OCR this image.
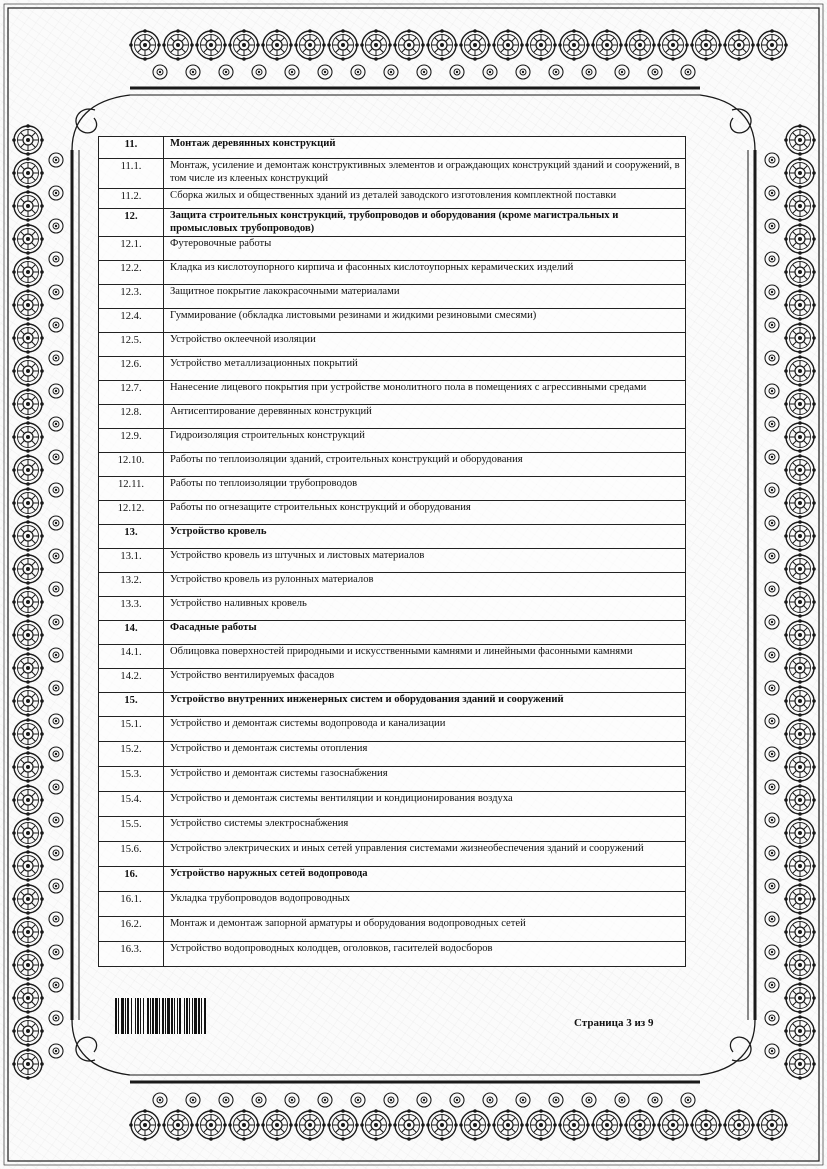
11.	Монтаж деревянных конструкций
11.1.	Монтаж, усиление и демонтаж конструктивных элементов и ограждающих конструкций зданий и сооружений, в том числе из клееных конструкций
11.2.	Сборка жилых и общественных зданий из деталей заводского изготовления комплектной поставки
12.	Защита строительных конструкций, трубопроводов и оборудования (кроме магистральных и промысловых трубопроводов)
12.1.	Футеровочные работы
12.2.	Кладка из кислотоупорного кирпича и фасонных кислотоупорных керамических изделий
12.3.	Защитное покрытие лакокрасочными материалами
12.4.	Гуммирование (обкладка листовыми резинами и жидкими резиновыми смесями)
12.5.	Устройство оклеечной изоляции
12.6.	Устройство металлизационных покрытий
12.7.	Нанесение лицевого покрытия при устройстве монолитного пола в помещениях с агрессивными средами
12.8.	Антисептирование деревянных конструкций
12.9.	Гидроизоляция строительных конструкций
12.10.	Работы по теплоизоляции зданий, строительных конструкций и оборудования
12.11.	Работы по теплоизоляции трубопроводов
12.12.	Работы по огнезащите строительных конструкций и оборудования
13.	Устройство кровель
13.1.	Устройство кровель из штучных и листовых материалов
13.2.	Устройство кровель из рулонных материалов
13.3.	Устройство наливных кровель
14.	Фасадные работы
14.1.	Облицовка поверхностей природными и искусственными камнями и линейными фасонными камнями
14.2.	Устройство вентилируемых фасадов
15.	Устройство внутренних инженерных систем и оборудования зданий и сооружений
15.1.	Устройство и демонтаж системы водопровода и канализации
15.2.	Устройство и демонтаж системы отопления
15.3.	Устройство и демонтаж системы газоснабжения
15.4.	Устройство и демонтаж системы вентиляции и кондиционирования воздуха
15.5.	Устройство системы электроснабжения
15.6.	Устройство электрических и иных сетей управления системами жизнеобеспечения зданий и сооружений
16.	Устройство наружных сетей водопровода
16.1.	Укладка трубопроводов водопроводных
16.2.	Монтаж и демонтаж запорной арматуры и оборудования водопроводных сетей
16.3.	Устройство водопроводных колодцев, оголовков, гасителей водосборов
Страница 3 из 9
